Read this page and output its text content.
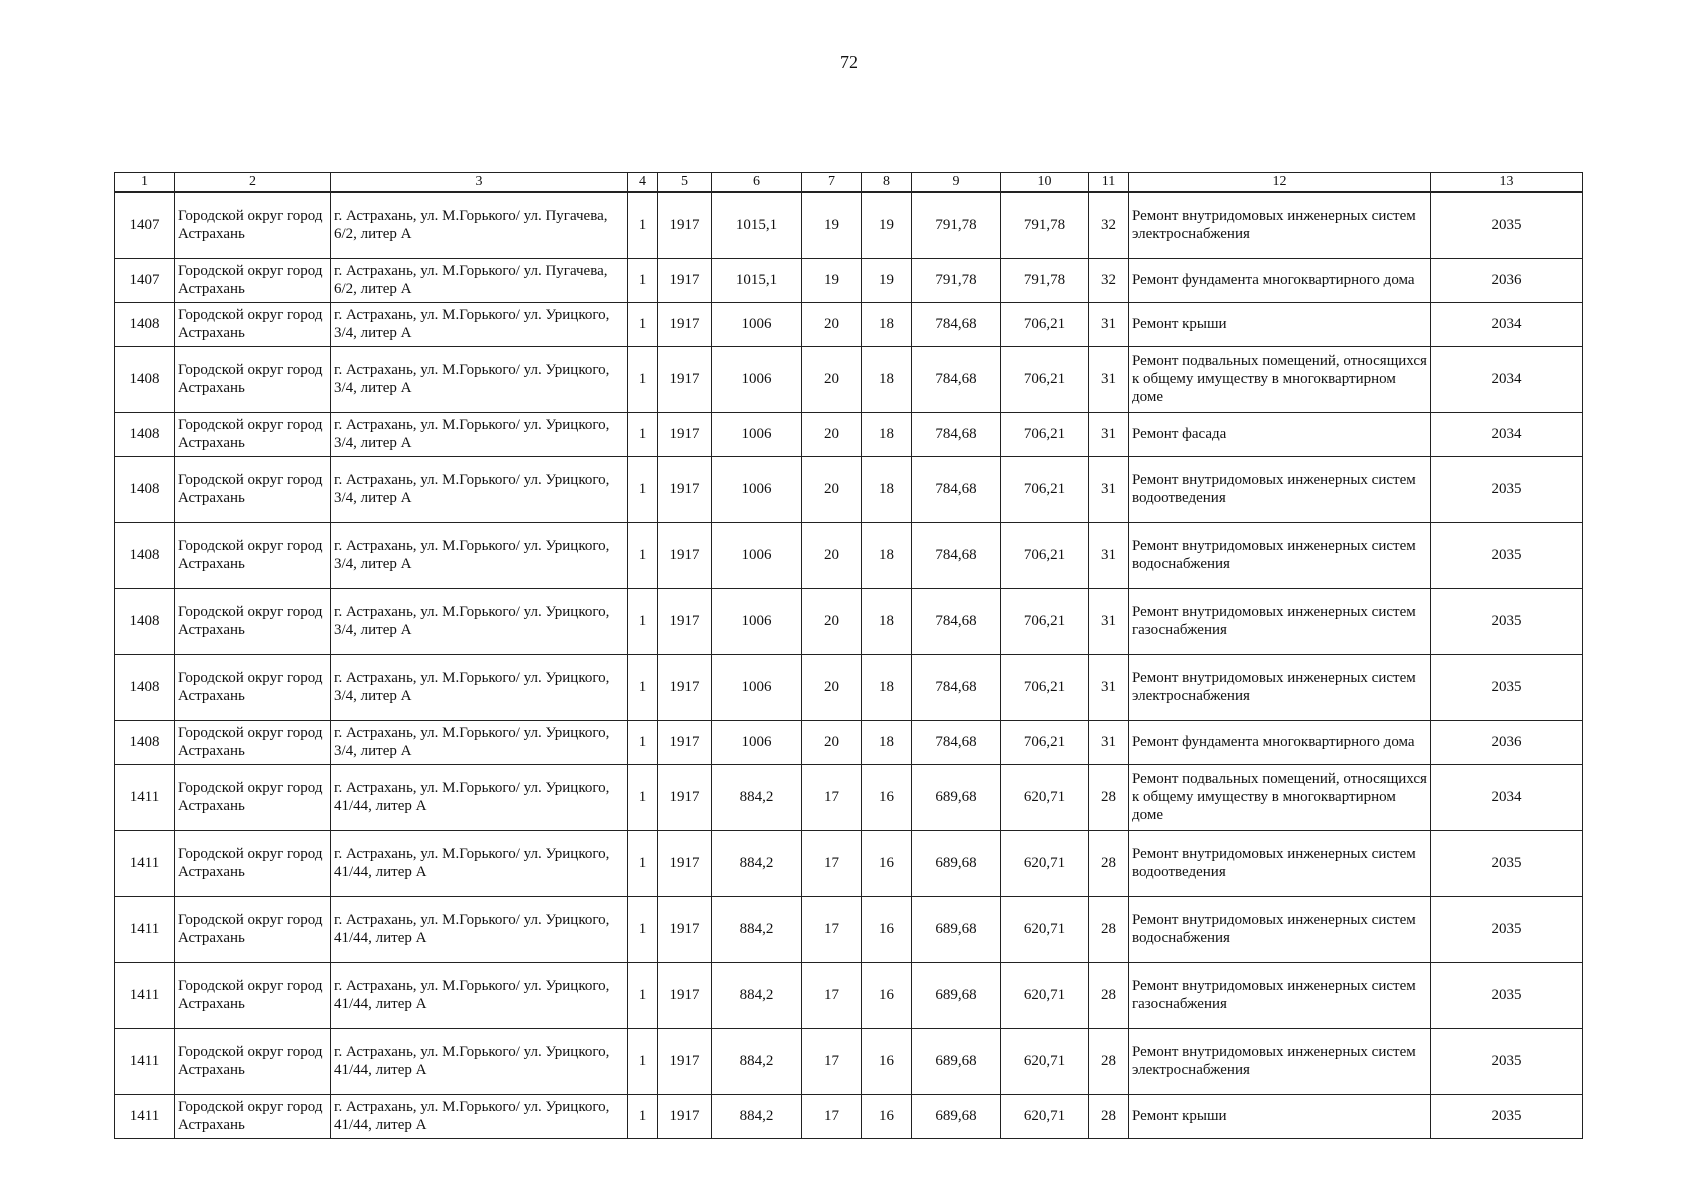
72
1	2	3	4	5	6	7	8	9	10	11	12	13
1407	Городской округ город Астрахань	г. Астрахань, ул. М.Горького/ ул. Пугачева, 6/2, литер А	1	1917	1015,1	19	19	791,78	791,78	32	Ремонт внутридомовых инженерных систем электроснабжения	2035
1407	Городской округ город Астрахань	г. Астрахань, ул. М.Горького/ ул. Пугачева, 6/2, литер А	1	1917	1015,1	19	19	791,78	791,78	32	Ремонт фундамента многоквартирного дома	2036
1408	Городской округ город Астрахань	г. Астрахань, ул. М.Горького/ ул. Урицкого, 3/4, литер А	1	1917	1006	20	18	784,68	706,21	31	Ремонт крыши	2034
1408	Городской округ город Астрахань	г. Астрахань, ул. М.Горького/ ул. Урицкого, 3/4, литер А	1	1917	1006	20	18	784,68	706,21	31	Ремонт подвальных помещений, относящихся к общему имуществу в многоквартирном доме	2034
1408	Городской округ город Астрахань	г. Астрахань, ул. М.Горького/ ул. Урицкого, 3/4, литер А	1	1917	1006	20	18	784,68	706,21	31	Ремонт фасада	2034
1408	Городской округ город Астрахань	г. Астрахань, ул. М.Горького/ ул. Урицкого, 3/4, литер А	1	1917	1006	20	18	784,68	706,21	31	Ремонт внутридомовых инженерных систем водоотведения	2035
1408	Городской округ город Астрахань	г. Астрахань, ул. М.Горького/ ул. Урицкого, 3/4, литер А	1	1917	1006	20	18	784,68	706,21	31	Ремонт внутридомовых инженерных систем водоснабжения	2035
1408	Городской округ город Астрахань	г. Астрахань, ул. М.Горького/ ул. Урицкого, 3/4, литер А	1	1917	1006	20	18	784,68	706,21	31	Ремонт внутридомовых инженерных систем газоснабжения	2035
1408	Городской округ город Астрахань	г. Астрахань, ул. М.Горького/ ул. Урицкого, 3/4, литер А	1	1917	1006	20	18	784,68	706,21	31	Ремонт внутридомовых инженерных систем электроснабжения	2035
1408	Городской округ город Астрахань	г. Астрахань, ул. М.Горького/ ул. Урицкого, 3/4, литер А	1	1917	1006	20	18	784,68	706,21	31	Ремонт фундамента многоквартирного дома	2036
1411	Городской округ город Астрахань	г. Астрахань, ул. М.Горького/ ул. Урицкого, 41/44, литер А	1	1917	884,2	17	16	689,68	620,71	28	Ремонт подвальных помещений, относящихся к общему имуществу в многоквартирном доме	2034
1411	Городской округ город Астрахань	г. Астрахань, ул. М.Горького/ ул. Урицкого, 41/44, литер А	1	1917	884,2	17	16	689,68	620,71	28	Ремонт внутридомовых инженерных систем водоотведения	2035
1411	Городской округ город Астрахань	г. Астрахань, ул. М.Горького/ ул. Урицкого, 41/44, литер А	1	1917	884,2	17	16	689,68	620,71	28	Ремонт внутридомовых инженерных систем водоснабжения	2035
1411	Городской округ город Астрахань	г. Астрахань, ул. М.Горького/ ул. Урицкого, 41/44, литер А	1	1917	884,2	17	16	689,68	620,71	28	Ремонт внутридомовых инженерных систем газоснабжения	2035
1411	Городской округ город Астрахань	г. Астрахань, ул. М.Горького/ ул. Урицкого, 41/44, литер А	1	1917	884,2	17	16	689,68	620,71	28	Ремонт внутридомовых инженерных систем электроснабжения	2035
1411	Городской округ город Астрахань	г. Астрахань, ул. М.Горького/ ул. Урицкого, 41/44, литер А	1	1917	884,2	17	16	689,68	620,71	28	Ремонт крыши	2035
